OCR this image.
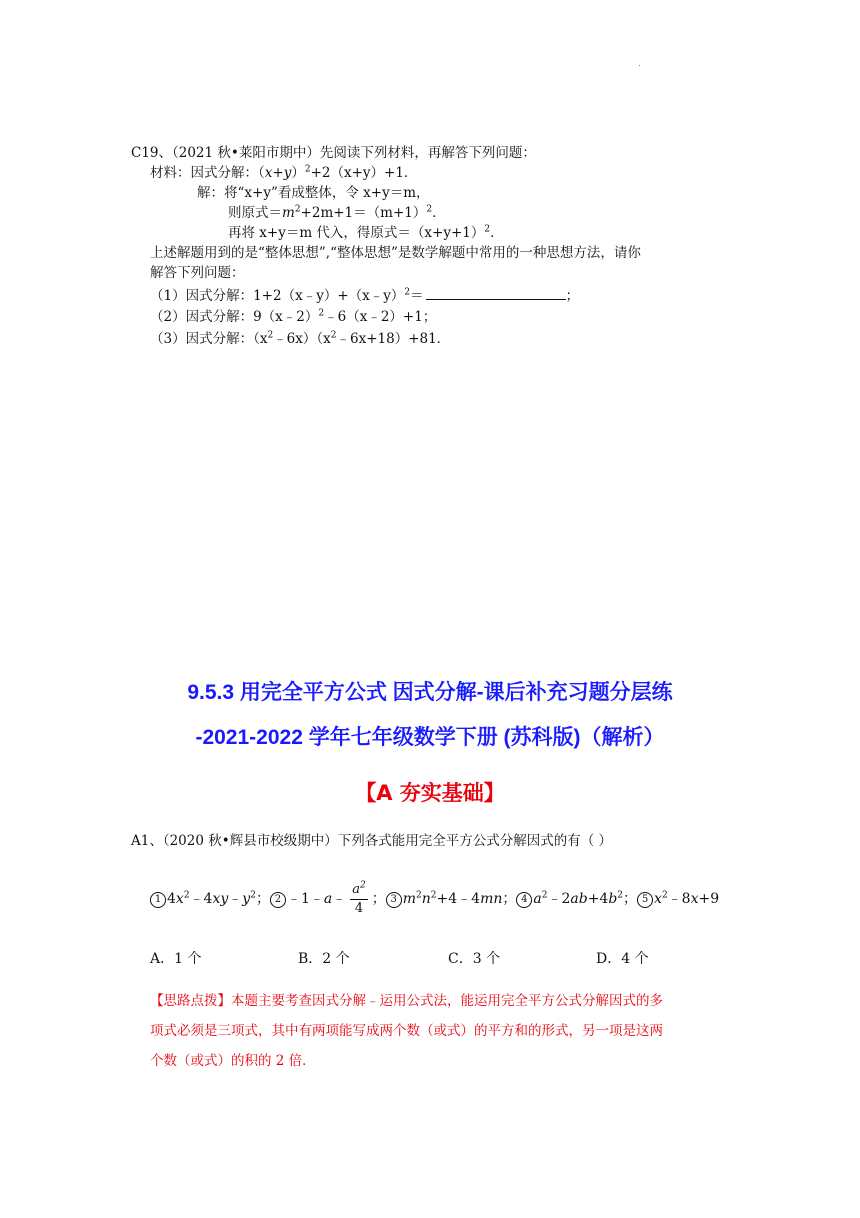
.
C19、（2021 秋•莱阳市期中）先阅读下列材料，再解答下列问题：
材料：因式分解：$(x+y)^2+2(x+y)+1$．
解：将“x+y”看成整体，令 x+y＝m，
则原式$=m^2+2m+1=(m+1)^2$．
再将 x+y＝m 代入，得原式$=(x+y+1)^2$．
上述解题用到的是“整体思想”,“整体思想”是数学解题中常用的一种思想方法，请你
解答下列问题：
（1）因式分解：1+2（x﹣y）+（x﹣y）$^2$＝	；
（2）因式分解：9（x﹣2）$^2$﹣6（x﹣2）+1；
（3）因式分解：$(x^2﹣6x)(x^2﹣6x+18)+81$．
9.5.3 用完全平方公式 因式分解-课后补充习题分层练
-2021-2022 学年七年级数学下册 (苏科版)（解析）
【A 夯实基础】
A1、（2020 秋•辉县市校级期中）下列各式能用完全平方公式分解因式的有（ ）
1 $4x^2﹣4xy﹣y^2$； 2 ﹣1﹣a﹣ $\frac{a^2}{4}$ ； 3 $m^2n^2+4﹣4mn$； 4 $a^2﹣2ab+4b^2$； 5 $x^2﹣8x+9$
A．1 个	B．2 个	C．3 个	D．4 个
【思路点拨】本题主要考查因式分解﹣运用公式法，能运用完全平方公式分解因式的多
项式必须是三项式，其中有两项能写成两个数（或式）的平方和的形式，另一项是这两
个数（或式）的积的 2 倍．
